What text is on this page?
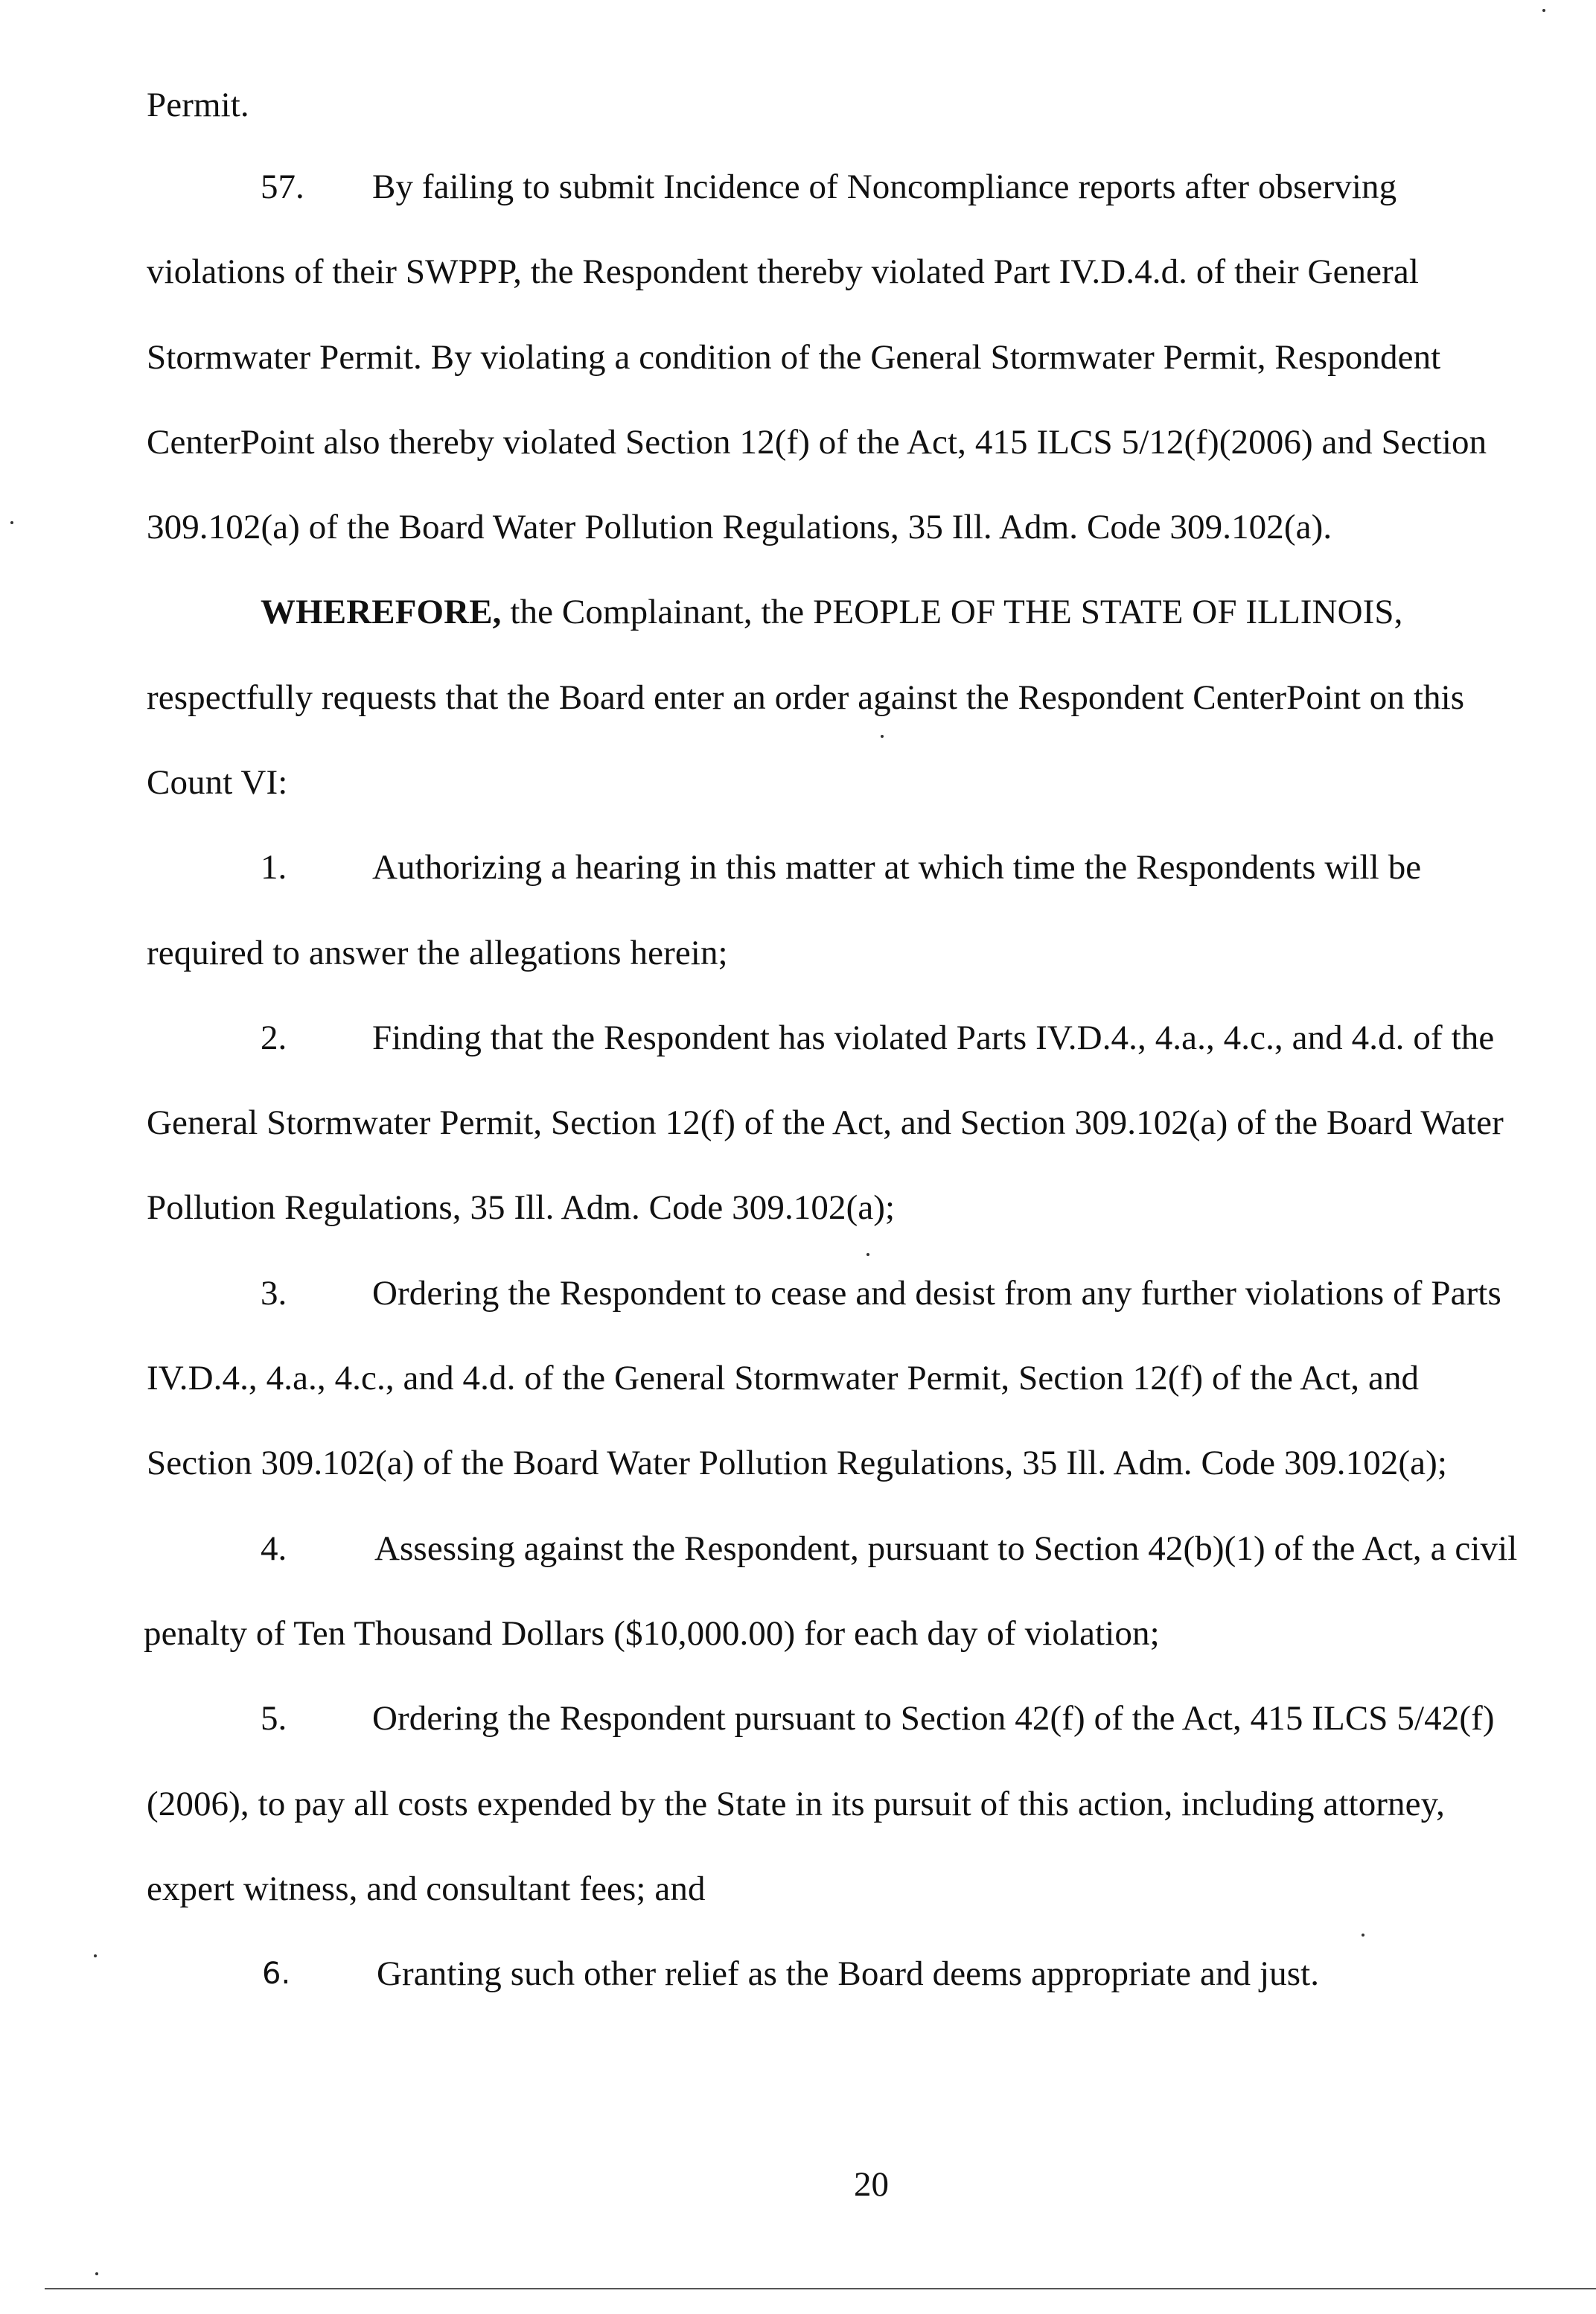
Permit.
57. By failing to submit Incidence of Noncompliance reports after observing
violations of their SWPPP, the Respondent thereby violated Part IV.D.4.d. of their General
Stormwater Permit. By violating a condition of the General Stormwater Permit, Respondent
CenterPoint also thereby violated Section 12(f) of the Act, 415 ILCS 5/12(f)(2006) and Section
309.102(a) of the Board Water Pollution Regulations, 35 Ill. Adm. Code 309.102(a).
WHEREFORE, the Complainant, the PEOPLE OF THE STATE OF ILLINOIS,
respectfully requests that the Board enter an order against the Respondent CenterPoint on this
Count VI:
1. Authorizing a hearing in this matter at which time the Respondents will be
required to answer the allegations herein;
2. Finding that the Respondent has violated Parts IV.D.4., 4.a., 4.c., and 4.d. of the
General Stormwater Permit, Section 12(f) of the Act, and Section 309.102(a) of the Board Water
Pollution Regulations, 35 Ill. Adm. Code 309.102(a);
3. Ordering the Respondent to cease and desist from any further violations of Parts
IV.D.4., 4.a., 4.c., and 4.d. of the General Stormwater Permit, Section 12(f) of the Act, and
Section 309.102(a) of the Board Water Pollution Regulations, 35 Ill. Adm. Code 309.102(a);
4.	Assessing against the Respondent, pursuant to Section 42(b)(1) of the Act, a civil
penalty of Ten Thousand Dollars ($10,000.00) for each day of violation;
5. Ordering the Respondent pursuant to Section 42(f) of the Act, 415 ILCS 5/42(f)
(2006), to pay all costs expended by the State in its pursuit of this action, including attorney,
expert witness, and consultant fees; and
6. Granting such other relief as the Board deems appropriate and just.
20
